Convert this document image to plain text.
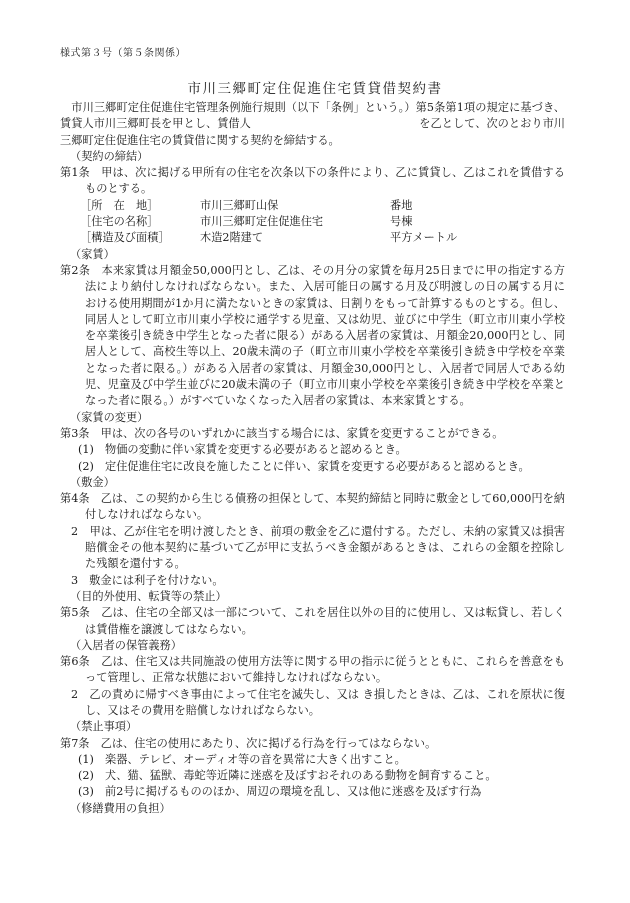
様式第３号（第５条関係）
市川三郷町定住促進住宅賃貸借契約書

　市川三郷町定住促進住宅管理条例施行規則（以下「条例」という。）第5条第1項の規定に基づき、賃貸人市川三郷町長を甲とし、賃借人　　　　　　　　　　　　　　　を乙として、次のとおり市川三郷町定住促進住宅の賃貸借に関する契約を締結する。

（契約の締結）

第1条　甲は、次に掲げる甲所有の住宅を次条以下の条件により、乙に賃貸し、乙はこれを賃借するものとする。

［所　在　地］	市川三郷町山保	番地
［住宅の名称］	市川三郷町定住促進住宅	号棟
［構造及び面積］	木造2階建て	平方メートル

（家賃）

第2条　本来家賃は月額金50,000円とし、乙は、その月分の家賃を毎月25日までに甲の指定する方法により納付しなければならない。また、入居可能日の属する月及び明渡しの日の属する月における使用期間が1か月に満たないときの家賃は、日割りをもって計算するものとする。但し、同居人として町立市川東小学校に通学する児童、又は幼児、並びに中学生（町立市川東小学校を卒業後引き続き中学生となった者に限る）がある入居者の家賃は、月額金20,000円とし、同居人として、高校生等以上、20歳未満の子（町立市川東小学校を卒業後引き続き中学校を卒業となった者に限る。）がある入居者の家賃は、月額金30,000円とし、入居者で同居人である幼児、児童及び中学生並びに20歳未満の子（町立市川東小学校を卒業後引き続き中学校を卒業となった者に限る。）がすべていなくなった入居者の家賃は、本来家賃とする。

（家賃の変更）

第3条　甲は、次の各号のいずれかに該当する場合には、家賃を変更することができる。

(1)　物価の変動に伴い家賃を変更する必要があると認めるとき。

(2)　定住促進住宅に改良を施したことに伴い、家賃を変更する必要があると認めるとき。

（敷金）

第4条　乙は、この契約から生じる債務の担保として、本契約締結と同時に敷金として60,000円を納付しなければならない。

2　甲は、乙が住宅を明け渡したとき、前項の敷金を乙に還付する。ただし、未納の家賃又は損害賠償金その他本契約に基づいて乙が甲に支払うべき金額があるときは、これらの金額を控除した残額を還付する。

3　敷金には利子を付けない。

（目的外使用、転貸等の禁止）

第5条　乙は、住宅の全部又は一部について、これを居住以外の目的に使用し、又は転貸し、若しくは賃借権を譲渡してはならない。

（入居者の保管義務）

第6条　乙は、住宅又は共同施設の使用方法等に関する甲の指示に従うとともに、これらを善意をもって管理し、正常な状態において維持しなければならない。

2　乙の責めに帰すべき事由によって住宅を滅失し、又は き損したときは、乙は、これを原状に復し、又はその費用を賠償しなければならない。

（禁止事項）

第7条　乙は、住宅の使用にあたり、次に掲げる行為を行ってはならない。

(1)　楽器、テレビ、オーディオ等の音を異常に大きく出すこと。

(2)　犬、猫、猛獣、毒蛇等近隣に迷惑を及ぼすおそれのある動物を飼育すること。

(3)　前2号に掲げるもののほか、周辺の環境を乱し、又は他に迷惑を及ぼす行為

（修繕費用の負担）
